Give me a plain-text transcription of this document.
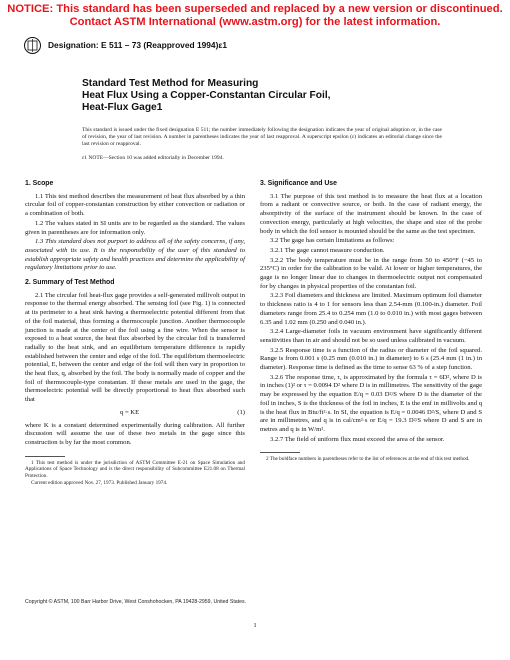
NOTICE: This standard has been superseded and replaced by a new version or discontinued.
Contact ASTM International (www.astm.org) for the latest information.
Designation: E 511 – 73 (Reapproved 1994)ε1
Standard Test Method for Measuring
Heat Flux Using a Copper-Constantan Circular Foil,
Heat-Flux Gage1
This standard is issued under the fixed designation E 511; the number immediately following the designation indicates the year of original adoption or, in the case of revision, the year of last revision. A number in parentheses indicates the year of last reapproval. A superscript epsilon (ε) indicates an editorial change since the last revision or reapproval.
ε1 NOTE—Section 10 was added editorially in December 1994.
1. Scope

1.1 This test method describes the measurement of heat flux absorbed by a thin circular foil of copper-constantan construction by either convection or radiation or a combination of both.

1.2 The values stated in SI units are to be regarded as the standard. The values given in parentheses are for information only.

1.3 This standard does not purport to address all of the safety concerns, if any, associated with its use. It is the responsibility of the user of this standard to establish appropriate safety and health practices and determine the applicability of regulatory limitations prior to use.

2. Summary of Test Method

2.1 The circular foil heat-flux gage provides a self-generated millivolt output in response to the thermal energy absorbed. The sensing foil (see Fig. 1) is connected at its perimeter to a heat sink having a thermoelectric potential different from that of the foil material, thus forming a thermocouple junction. Another thermocouple junction is made at the center of the foil using a fine wire. When the sensor is exposed to a heat source, the heat flux absorbed by the circular foil is transferred radially to the heat sink, and an equilibrium temperature difference is rapidly established between the center and edge of the foil. The equilibrium thermoelectric potential, E, between the center and edge of the foil will then vary in proportion to the heat flux, q, absorbed by the foil. The body is normally made of copper and the foil of thermocouple-type constantan. If these metals are used in the gage, the thermoelectric potential will be directly proportional to heat flux absorbed such that

q = KE	(1)

where K is a constant determined experimentally during calibration. All further discussion will assume the use of these two metals in the gage since this construction is by far the most common.

1 This test method is under the jurisdiction of ASTM Committee E-21 on Space Simulation and Applications of Space Technology and is the direct responsibility of Subcommittee E21.08 on Thermal Protection.

Current edition approved Nov. 27, 1973. Published January 1974.

3. Significance and Use

3.1 The purpose of this test method is to measure the heat flux at a location from a radiant or convective source, or both. In the case of radiant energy, the absorptivity of the surface of the instrument should be known. In the case of convection energy, particularly at high velocities, the shape and size of the probe body in which the foil sensor is mounted should be the same as the test specimen.

3.2 The gage has certain limitations as follows:

3.2.1 The gage cannot measure conduction.

3.2.2 The body temperature must be in the range from 50 to 450°F (−45 to 235°C) in order for the calibration to be valid. At lower or higher temperatures, the gage is no longer linear due to changes in thermoelectric output not compensated for by changes in physical properties of the constantan foil.

3.2.3 Foil diameters and thickness are limited. Maximum optimum foil diameter to thickness ratio is 4 to 1 for sensors less than 2.54-mm (0.100-in.) diameter. Foil diameters range from 25.4 to 0.254 mm (1.0 to 0.010 in.) with most gages between 6.35 and 1.02 mm (0.250 and 0.040 in.).

3.2.4 Large-diameter foils in vacuum environment have significantly different sensitivities than in air and should not be so used unless calibrated in vacuum.

3.2.5 Response time is a function of the radius or diameter of the foil squared. Range is from 0.001 s (0.25 mm (0.010 in.) in diameter) to 6 s (25.4 mm (1 in.) in diameter). Response time is defined as the time to sense 63 % of a step function.

3.2.6 The response time, τ, is approximated by the formula τ = 6D², where D is in inches (1)² or τ = 0.0094 D² where D is in millimetres. The sensitivity of the gage may be expressed by the equation E/q = 0.03 D²/S where D is the diameter of the foil in inches, S is the thickness of the foil in inches, E is the emf in millivolts and q is the heat flux in Btu/ft²·s. In SI, the equation is E/q = 0.0046 D²/S, where D and S are in millimetres, and q is in cal/cm²·s or E/q = 19.3 D²/S where D and S are in metres and q is in W/m².

3.2.7 The field of uniform flux must exceed the area of the sensor.

2 The boldface numbers in parentheses refer to the list of references at the end of this test method.

Copyright © ASTM, 100 Barr Harbor Drive, West Conshohocken, PA 19428-2959, United States.
1
